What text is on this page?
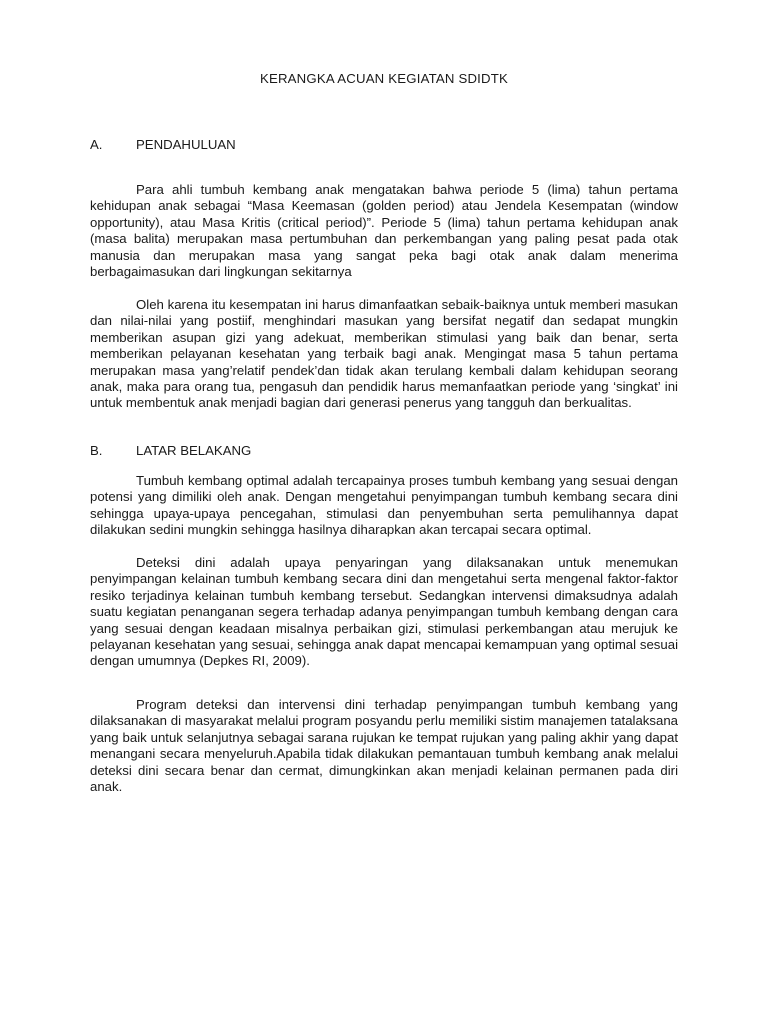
KERANGKA ACUAN KEGIATAN SDIDTK
A.	PENDAHULUAN

Para ahli tumbuh kembang anak mengatakan bahwa periode 5 (lima) tahun pertama kehidupan anak sebagai “Masa Keemasan (golden period) atau Jendela Kesempatan (window opportunity), atau Masa Kritis (critical period)”. Periode 5 (lima) tahun pertama kehidupan anak (masa balita) merupakan masa pertumbuhan dan perkembangan yang paling pesat pada otak manusia dan merupakan masa yang sangat peka bagi otak anak dalam menerima berbagaimasukan dari lingkungan sekitarnya

Oleh karena itu kesempatan ini harus dimanfaatkan sebaik-baiknya untuk memberi masukan dan nilai-nilai yang postiif, menghindari masukan yang bersifat negatif dan sedapat mungkin memberikan asupan gizi yang adekuat, memberikan stimulasi yang baik dan benar, serta memberikan pelayanan kesehatan yang terbaik bagi anak. Mengingat masa 5 tahun pertama merupakan masa yang’relatif pendek’dan tidak akan terulang kembali dalam kehidupan seorang anak, maka para orang tua, pengasuh dan pendidik harus memanfaatkan periode yang ‘singkat’ ini untuk membentuk anak menjadi bagian dari generasi penerus yang tangguh dan berkualitas.

B.	LATAR BELAKANG

Tumbuh kembang optimal adalah tercapainya proses tumbuh kembang yang sesuai dengan potensi yang dimiliki oleh anak. Dengan mengetahui penyimpangan tumbuh kembang secara dini sehingga upaya-upaya pencegahan, stimulasi dan penyembuhan serta pemulihannya dapat dilakukan sedini mungkin sehingga hasilnya diharapkan akan tercapai secara optimal.

Deteksi dini adalah upaya penyaringan yang dilaksanakan untuk menemukan penyimpangan kelainan tumbuh kembang secara dini dan mengetahui serta mengenal faktor-faktor resiko terjadinya kelainan tumbuh kembang tersebut. Sedangkan intervensi dimaksudnya adalah suatu kegiatan penanganan segera terhadap adanya penyimpangan tumbuh kembang dengan cara yang sesuai dengan keadaan misalnya perbaikan gizi, stimulasi perkembangan atau merujuk ke pelayanan kesehatan yang sesuai, sehingga anak dapat mencapai kemampuan yang optimal sesuai dengan umumnya (Depkes RI, 2009).

Program deteksi dan intervensi dini terhadap penyimpangan tumbuh kembang yang dilaksanakan di masyarakat melalui program posyandu perlu memiliki sistim manajemen tatalaksana yang baik untuk selanjutnya sebagai sarana rujukan ke tempat rujukan yang paling akhir yang dapat menangani secara menyeluruh.Apabila tidak dilakukan pemantauan tumbuh kembang anak melalui deteksi dini secara benar dan cermat, dimungkinkan akan menjadi kelainan permanen pada diri anak.
